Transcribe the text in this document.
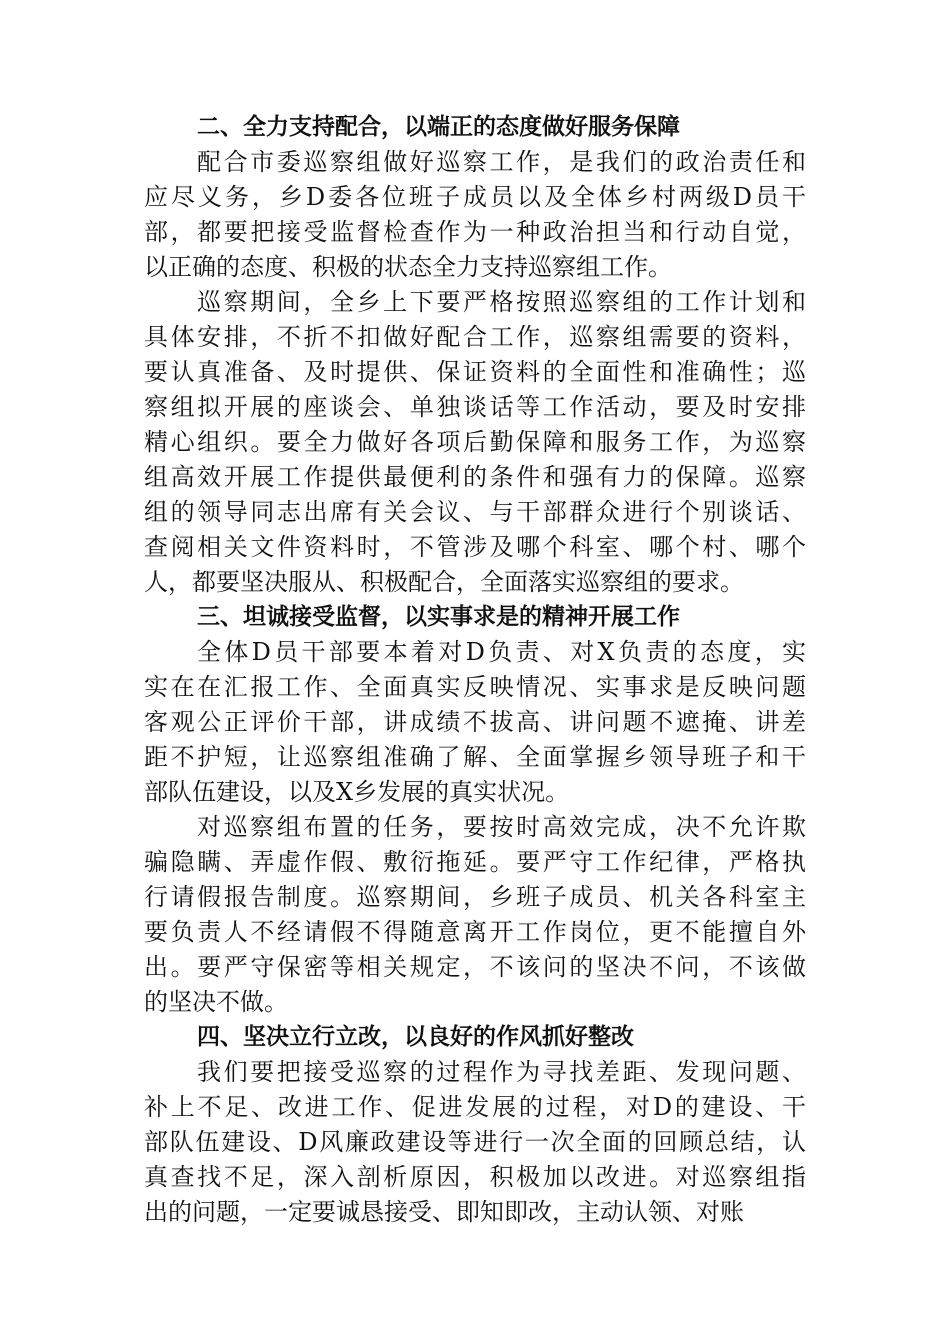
二、全力支持配合，以端正的态度做好服务保障
配合市委巡察组做好巡察工作，是我们的政治责任和
应尽义务，乡D委各位班子成员以及全体乡村两级D员干
部，都要把接受监督检查作为一种政治担当和行动自觉，
以正确的态度、积极的状态全力支持巡察组工作。
巡察期间，全乡上下要严格按照巡察组的工作计划和
具体安排，不折不扣做好配合工作，巡察组需要的资料，
要认真准备、及时提供、保证资料的全面性和准确性；巡
察组拟开展的座谈会、单独谈话等工作活动，要及时安排
精心组织。要全力做好各项后勤保障和服务工作，为巡察
组高效开展工作提供最便利的条件和强有力的保障。巡察
组的领导同志出席有关会议、与干部群众进行个别谈话、
查阅相关文件资料时，不管涉及哪个科室、哪个村、哪个
人，都要坚决服从、积极配合，全面落实巡察组的要求。
三、坦诚接受监督，以实事求是的精神开展工作
全体D员干部要本着对D负责、对X负责的态度，实
实在在汇报工作、全面真实反映情况、实事求是反映问题
客观公正评价干部，讲成绩不拔高、讲问题不遮掩、讲差
距不护短，让巡察组准确了解、全面掌握乡领导班子和干
部队伍建设，以及X乡发展的真实状况。
对巡察组布置的任务，要按时高效完成，决不允许欺
骗隐瞒、弄虚作假、敷衍拖延。要严守工作纪律，严格执
行请假报告制度。巡察期间，乡班子成员、机关各科室主
要负责人不经请假不得随意离开工作岗位，更不能擅自外
出。要严守保密等相关规定，不该问的坚决不问，不该做
的坚决不做。
四、坚决立行立改，以良好的作风抓好整改
我们要把接受巡察的过程作为寻找差距、发现问题、
补上不足、改进工作、促进发展的过程，对D的建设、干
部队伍建设、D风廉政建设等进行一次全面的回顾总结，认
真查找不足，深入剖析原因，积极加以改进。对巡察组指
出的问题，一定要诚恳接受、即知即改，主动认领、对账
